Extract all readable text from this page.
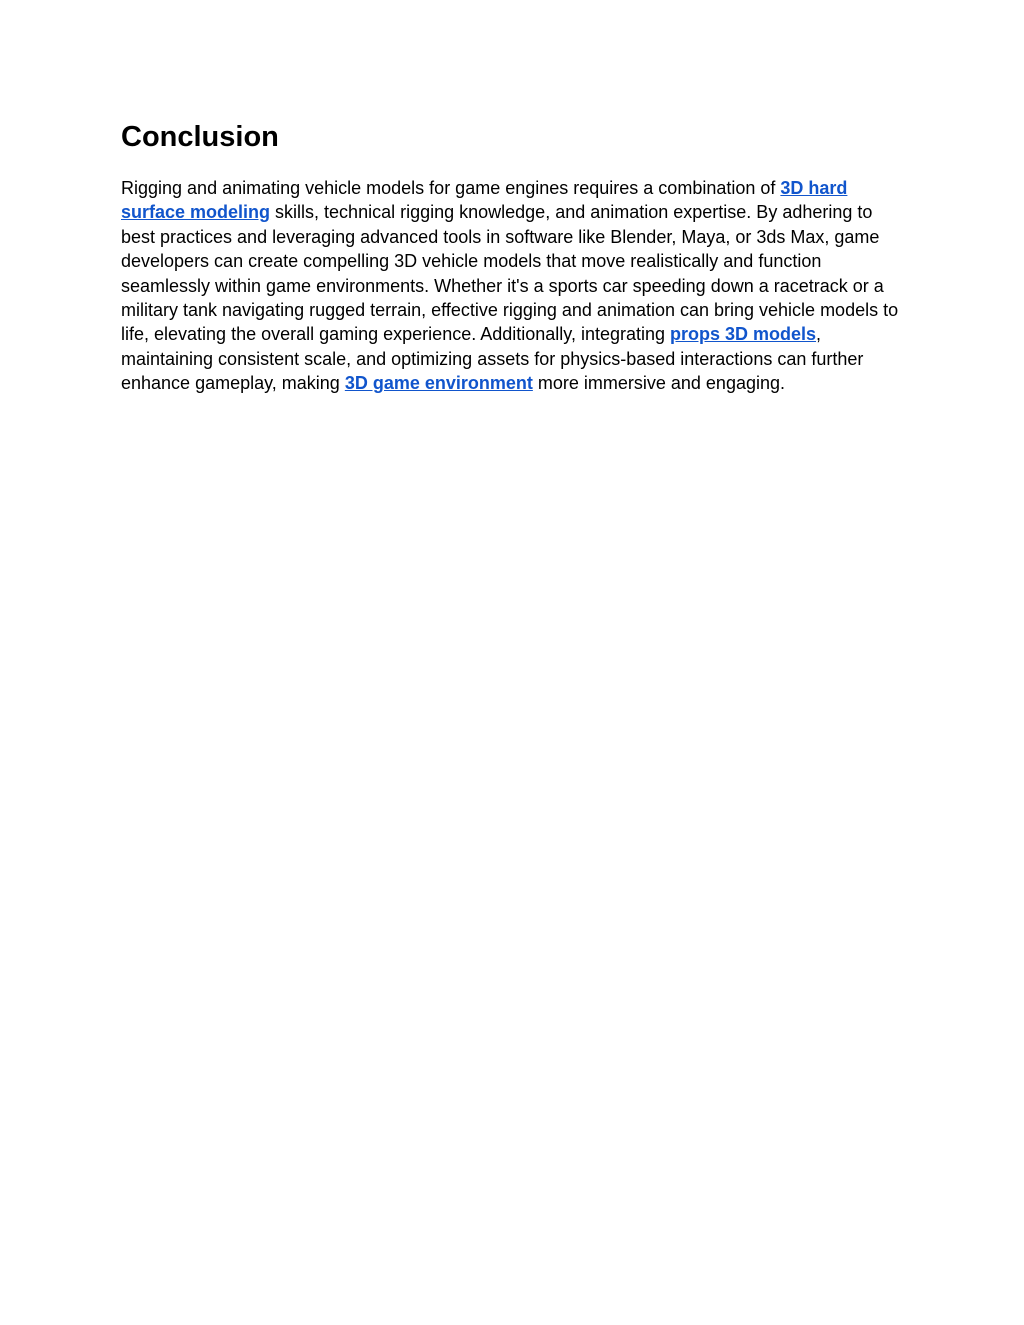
Conclusion

Rigging and animating vehicle models for game engines requires a combination of 3D hard surface modeling skills, technical rigging knowledge, and animation expertise. By adhering to best practices and leveraging advanced tools in software like Blender, Maya, or 3ds Max, game developers can create compelling 3D vehicle models that move realistically and function seamlessly within game environments. Whether it's a sports car speeding down a racetrack or a military tank navigating rugged terrain, effective rigging and animation can bring vehicle models to life, elevating the overall gaming experience. Additionally, integrating props 3D models, maintaining consistent scale, and optimizing assets for physics-based interactions can further enhance gameplay, making 3D game environment more immersive and engaging.
